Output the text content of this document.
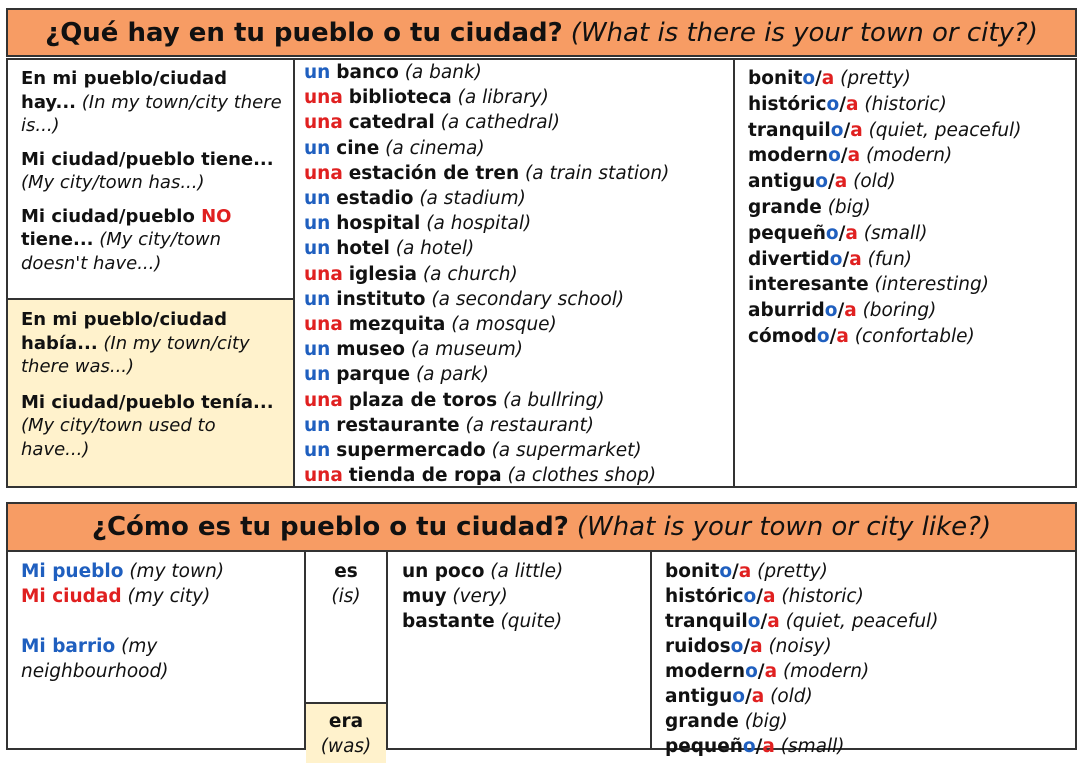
¿Qué hay en tu pueblo o tu ciudad? (What is there is your town or city?)
En mi pueblo/ciudad hay... (In my town/city there is...)
Mi ciudad/pueblo tiene... (My city/town has...)
Mi ciudad/pueblo NO tiene... (My city/town doesn't have...)
En mi pueblo/ciudad había... (In my town/city there was...)
Mi ciudad/pueblo tenía... (My city/town used to have...)
un banco (a bank)
una biblioteca (a library)
una catedral (a cathedral)
un cine (a cinema)
una estación de tren (a train station)
un estadio (a stadium)
un hospital (a hospital)
un hotel (a hotel)
una iglesia (a church)
un instituto (a secondary school)
una mezquita (a mosque)
un museo (a museum)
un parque (a park)
una plaza de toros (a bullring)
un restaurante (a restaurant)
un supermercado (a supermarket)
una tienda de ropa (a clothes shop)
bonito/a (pretty)
histórico/a (historic)
tranquilo/a (quiet, peaceful)
moderno/a (modern)
antiguo/a (old)
grande (big)
pequeño/a (small)
divertido/a (fun)
interesante (interesting)
aburrido/a (boring)
cómodo/a (confortable)
¿Cómo es tu pueblo o tu ciudad? (What is your town or city like?)
Mi pueblo (my town)
Mi ciudad (my city)
Mi barrio (my neighbourhood)
es
(is)
era
(was)
un poco (a little)
muy (very)
bastante (quite)
bonito/a (pretty)
histórico/a (historic)
tranquilo/a (quiet, peaceful)
ruidoso/a (noisy)
moderno/a (modern)
antiguo/a (old)
grande (big)
pequeño/a (small)
